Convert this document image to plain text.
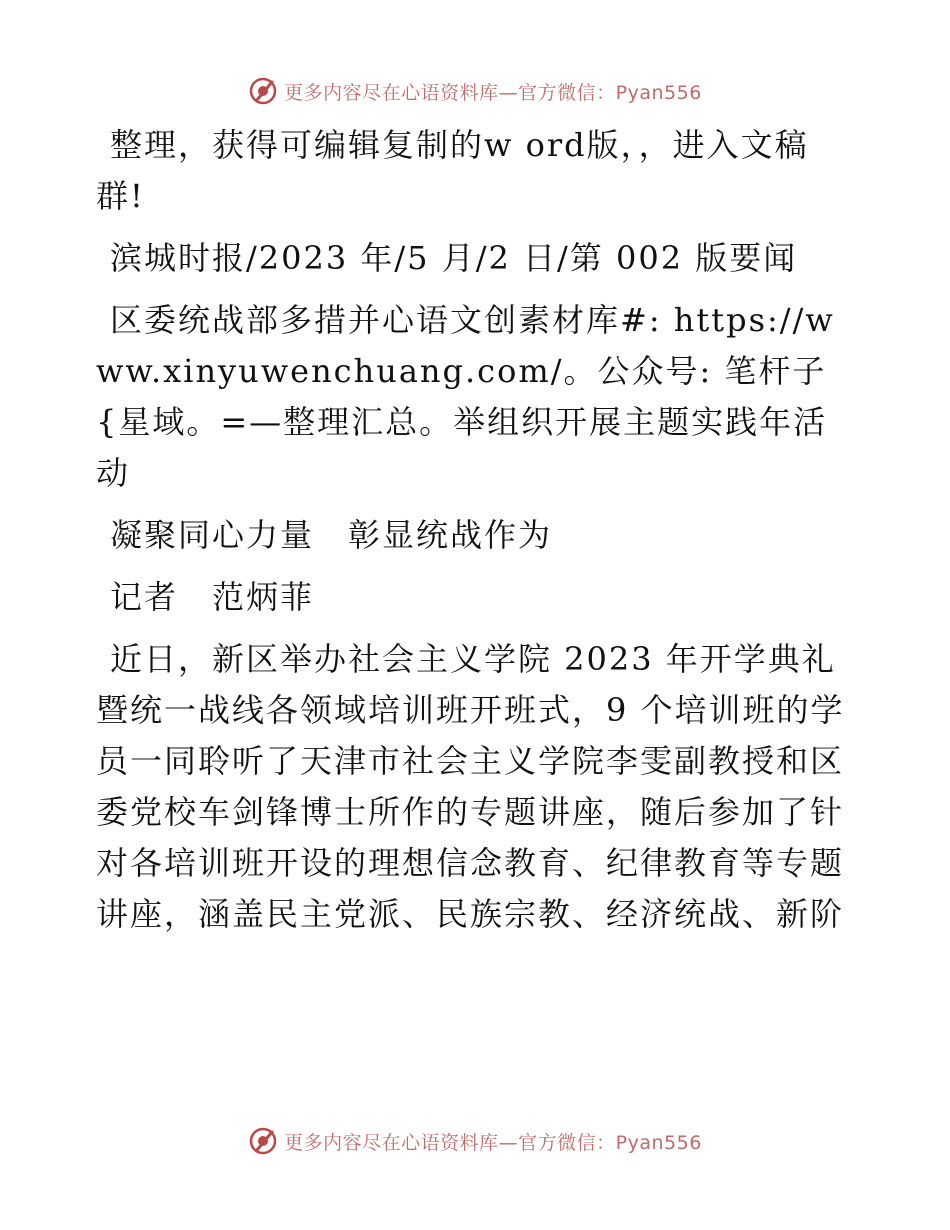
更多内容尽在心语资料库—官方微信：Pyan556

整理，获得可编辑复制的w ord版，，进入文稿群!

滨城时报/2023 年/5 月/2 日/第 002 版要闻

区委统战部多措并心语文创素材库#: https://www.xinyuwenchuang.com/。公众号: 笔杆子{星域。=—整理汇总。举组织开展主题实践年活动

凝聚同心力量　彰显统战作为

记者　范炳菲

近日，新区举办社会主义学院 2023 年开学典礼暨统一战线各领域培训班开班式，9 个培训班的学员一同聆听了天津市社会主义学院李雯副教授和区委党校车剑锋博士所作的专题讲座，随后参加了针对各培训班开设的理想信念教育、纪律教育等专题讲座，涵盖民主党派、民族宗教、经济统战、新阶

更多内容尽在心语资料库—官方微信：Pyan556
